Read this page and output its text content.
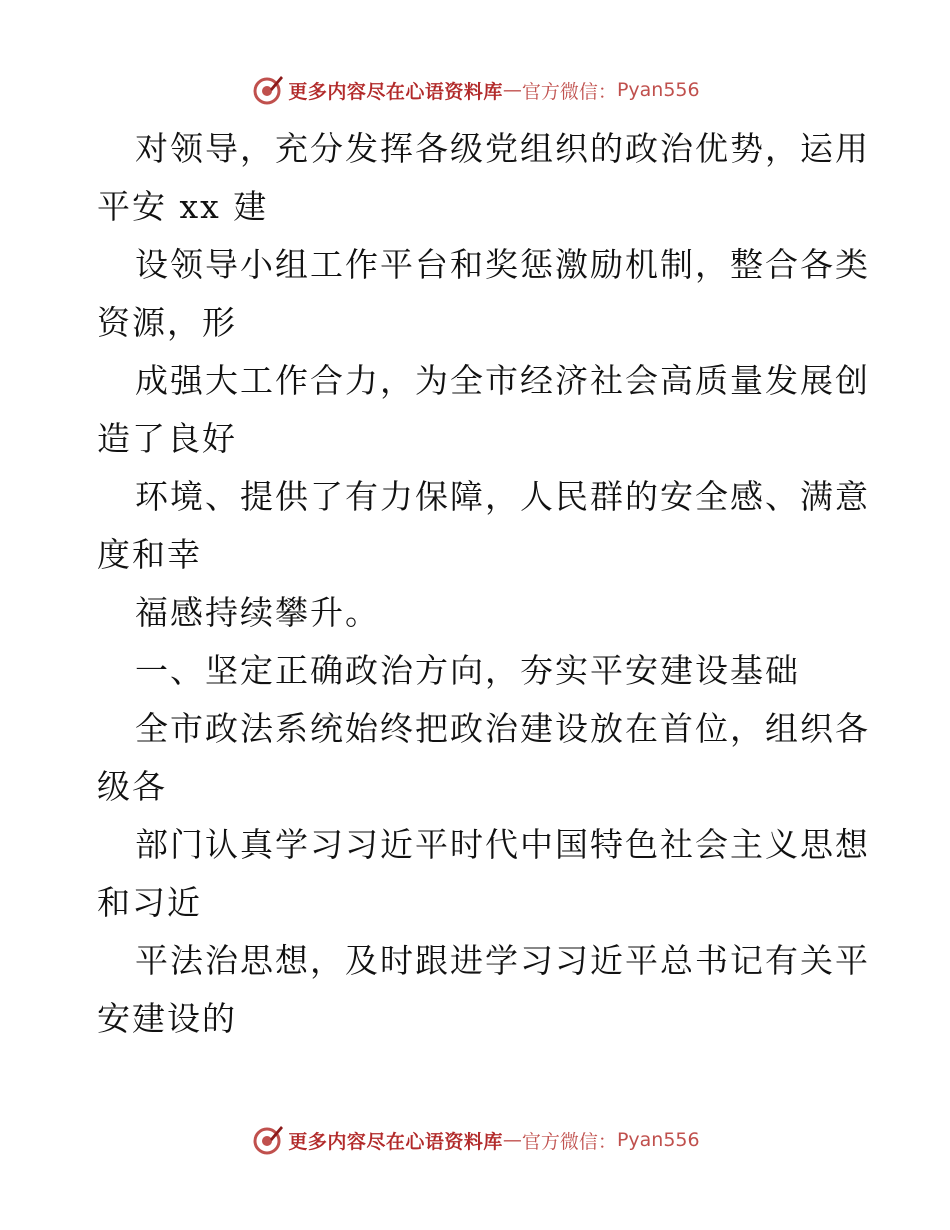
更多内容尽在心语资料库 — 官方微信： Pyan556
对领导，充分发挥各级党组织的政治优势，运用
平安 xx 建
设领导小组工作平台和奖惩激励机制，整合各类
资源，形
成强大工作合力，为全市经济社会高质量发展创
造了良好
环境、提供了有力保障，人民群的安全感、满意
度和幸
福感持续攀升。
一、坚定正确政治方向，夯实平安建设基础
全市政法系统始终把政治建设放在首位，组织各
级各
部门认真学习习近平时代中国特色社会主义思想
和习近
平法治思想，及时跟进学习习近平总书记有关平
安建设的
更多内容尽在心语资料库 — 官方微信： Pyan556
